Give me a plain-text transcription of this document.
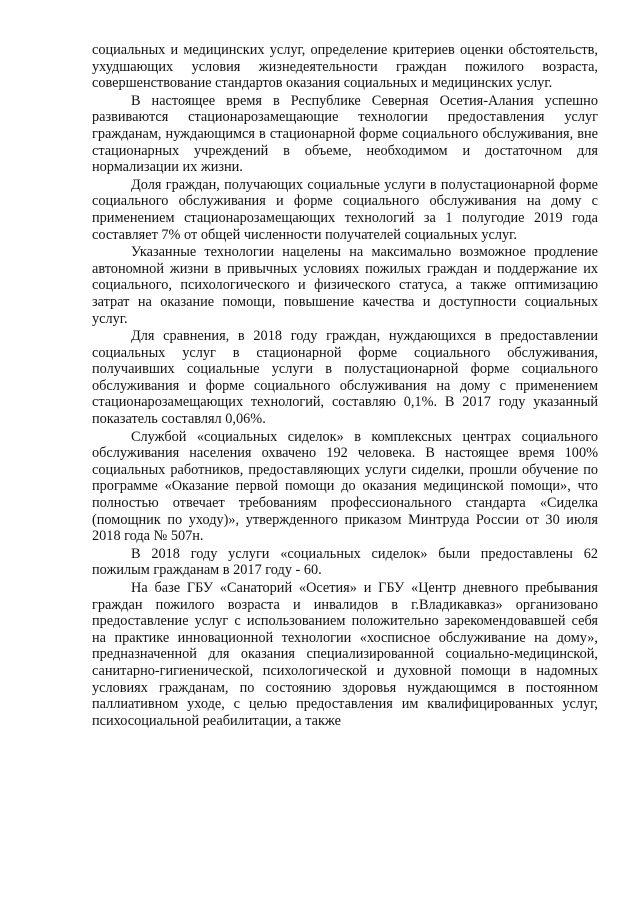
социальных и медицинских услуг, определение критериев оценки обстоятельств, ухудшающих условия жизнедеятельности граждан пожилого возраста, совершенствование стандартов оказания социальных и медицинских услуг.

В настоящее время в Республике Северная Осетия-Алания успешно развиваются стационарозамещающие технологии предоставления услуг гражданам, нуждающимся в стационарной форме социального обслуживания, вне стационарных учреждений в объеме, необходимом и достаточном для нормализации их жизни.

Доля граждан, получающих социальные услуги в полустационарной форме социального обслуживания и форме социального обслуживания на дому с применением стационарозамещающих технологий за 1 полугодие 2019 года составляет 7% от общей численности получателей социальных услуг.

Указанные технологии нацелены на максимально возможное продление автономной жизни в привычных условиях пожилых граждан и поддержание их социального, психологического и физического статуса, а также оптимизацию затрат на оказание помощи, повышение качества и доступности социальных услуг.

Для сравнения, в 2018 году граждан, нуждающихся в предоставлении социальных услуг в стационарной форме социального обслуживания, получаивших социальные услуги в полустационарной форме социального обслуживания и форме социального обслуживания на дому с применением стационарозамещающих технологий, составляю 0,1%. В 2017 году указанный показатель составлял 0,06%.

Службой «социальных сиделок» в комплексных центрах социального обслуживания населения охвачено 192 человека. В настоящее время 100% социальных работников, предоставляющих услуги сиделки, прошли обучение по программе «Оказание первой помощи до оказания медицинской помощи», что полностью отвечает требованиям профессионального стандарта «Сиделка (помощник по уходу)», утвержденного приказом Минтруда России от 30 июля 2018 года № 507н.

В 2018 году услуги «социальных сиделок» были предоставлены 62 пожилым гражданам в 2017 году - 60.

На базе ГБУ «Санаторий «Осетия» и ГБУ «Центр дневного пребывания граждан пожилого возраста и инвалидов в г.Владикавказ» организовано предоставление услуг с использованием положительно зарекомендовавшей себя на практике инновационной технологии «хосписное обслуживание на дому», предназначенной для оказания специализированной социально-медицинской, санитарно-гигиенической, психологической и духовной помощи в надомных условиях гражданам, по состоянию здоровья нуждающимся в постоянном паллиативном уходе, с целью предоставления им квалифицированных услуг, психосоциальной реабилитации, а также
